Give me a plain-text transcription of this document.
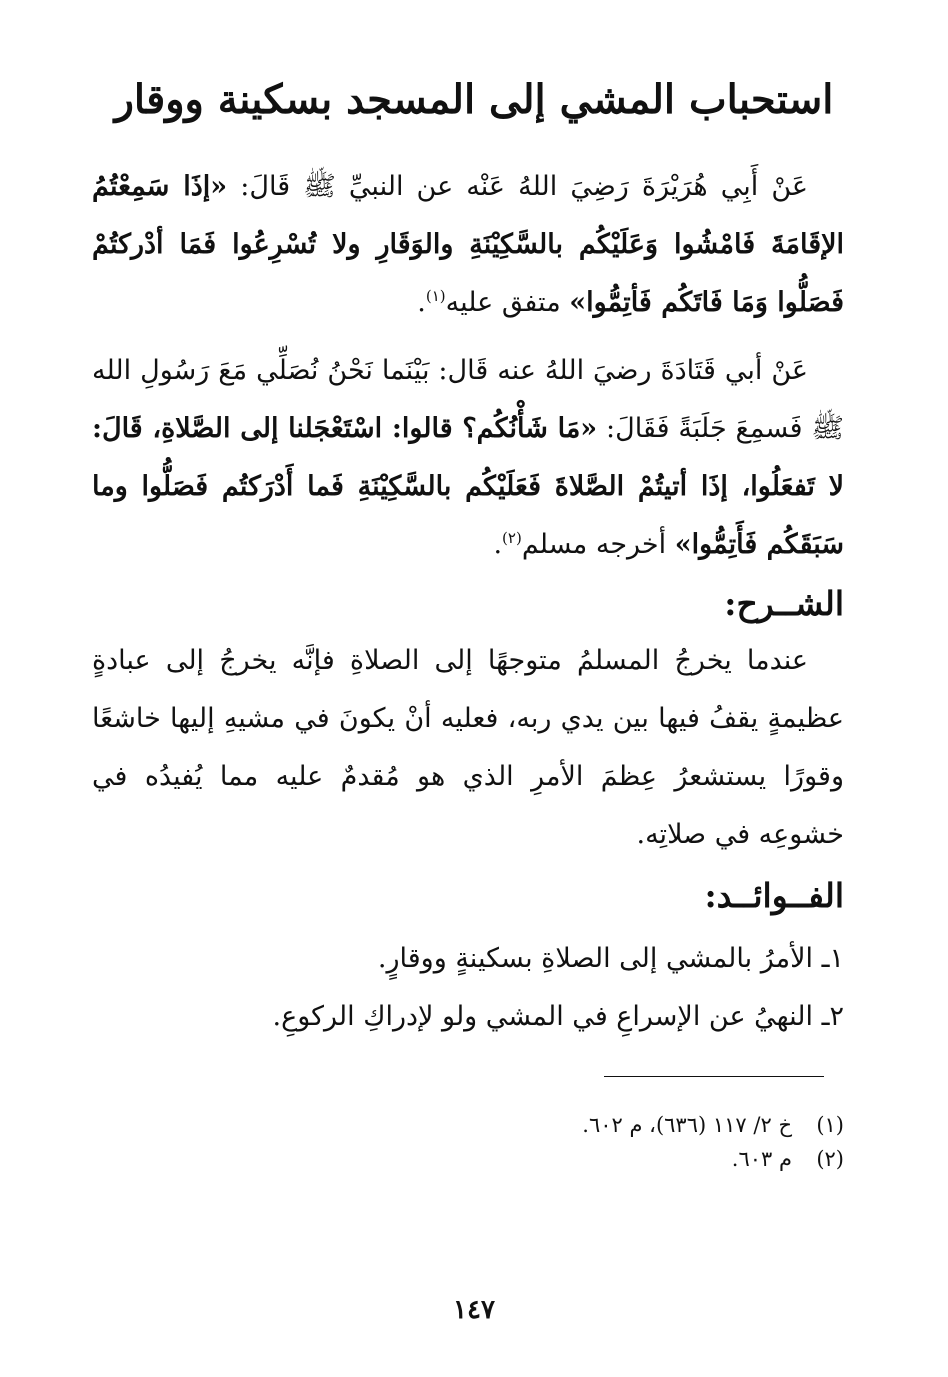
استحباب المشي إلى المسجد بسكينة ووقار

عَنْ أَبِي هُرَيْرَةَ رَضِيَ اللهُ عَنْه عن النبيِّ ﷺ قَالَ: «إذَا سَمِعْتُمُ الإقَامَةَ فَامْشُوا وَعَلَيْكُم بالسَّكِيْنَةِ والوَقَارِ ولا تُسْرِعُوا فَمَا أدْركتُمْ فَصَلُّوا وَمَا فَاتَكُم فَأتِمُّوا» متفق عليه$^{(١)}$.

عَنْ أبي قَتَادَةَ رضيَ اللهُ عنه قَال: بَيْنَما نَحْنُ نُصَلِّي مَعَ رَسُولِ الله ﷺ فَسمِعَ جَلَبَةً فَقَالَ: «مَا شَأْنُكُم؟ قالوا: اسْتَعْجَلنا إلى الصَّلاةِ، قَالَ: لا تَفعَلُوا، إذَا أتيتُمْ الصَّلاةَ فَعَلَيْكُم بالسَّكِيْنَةِ فَما أَدْرَكتُم فَصَلُّوا وما سَبَقَكُم فَأَتِمُّوا» أخرجه مسلم$^{(٢)}$.

الشــرح:

عندما يخرجُ المسلمُ متوجهًا إلى الصلاةِ فإنَّه يخرجُ إلى عبادةٍ عظيمةٍ يقفُ فيها بين يدي ربه، فعليه أنْ يكونَ في مشيهِ إليها خاشعًا وقورًا يستشعرُ عِظمَ الأمرِ الذي هو مُقدمٌ عليه مما يُفيدُه في خشوعِه في صلاتِه.

الفــوائــد:
١ـ الأمرُ بالمشي إلى الصلاةِ بسكينةٍ ووقارٍ.
٢ـ النهيُ عن الإسراعِ في المشي ولو لإدراكِ الركوعِ.
(١)خ ٢/ ١١٧ (٦٣٦)، م ٦٠٢.
(٢)م ٦٠٣.
١٤٧
